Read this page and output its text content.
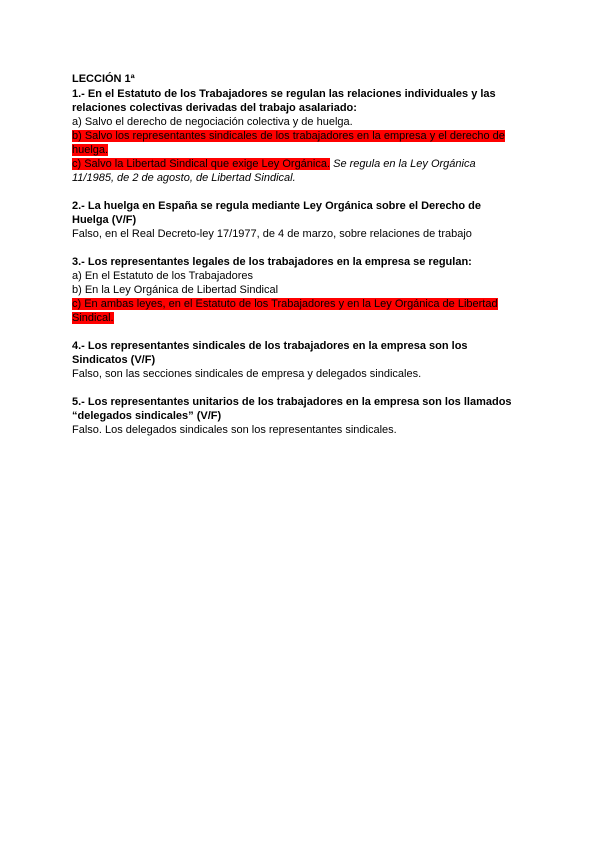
LECCIÓN 1ª

1.- En el Estatuto de los Trabajadores se regulan las relaciones individuales y las relaciones colectivas derivadas del trabajo asalariado:

a) Salvo el derecho de negociación colectiva y de huelga.

b) Salvo los representantes sindicales de los trabajadores en la empresa y el derecho de huelga.

c) Salvo la Libertad Sindical que exige Ley Orgánica. Se regula en la Ley Orgánica 11/1985, de 2 de agosto, de Libertad Sindical.

2.- La huelga en España se regula mediante Ley Orgánica sobre el Derecho de Huelga (V/F)

Falso, en el Real Decreto-ley 17/1977, de 4 de marzo, sobre relaciones de trabajo

3.- Los representantes legales de los trabajadores en la empresa se regulan:

a) En el Estatuto de los Trabajadores

b) En la Ley Orgánica de Libertad Sindical

c) En ambas leyes, en el Estatuto de los Trabajadores y en la Ley Orgánica de Libertad Sindical.

4.- Los representantes sindicales de los trabajadores en la empresa son los Sindicatos (V/F)

Falso, son las secciones sindicales de empresa y delegados sindicales.

5.- Los representantes unitarios de los trabajadores en la empresa son los llamados “delegados sindicales” (V/F)

Falso. Los delegados sindicales son los representantes sindicales.
